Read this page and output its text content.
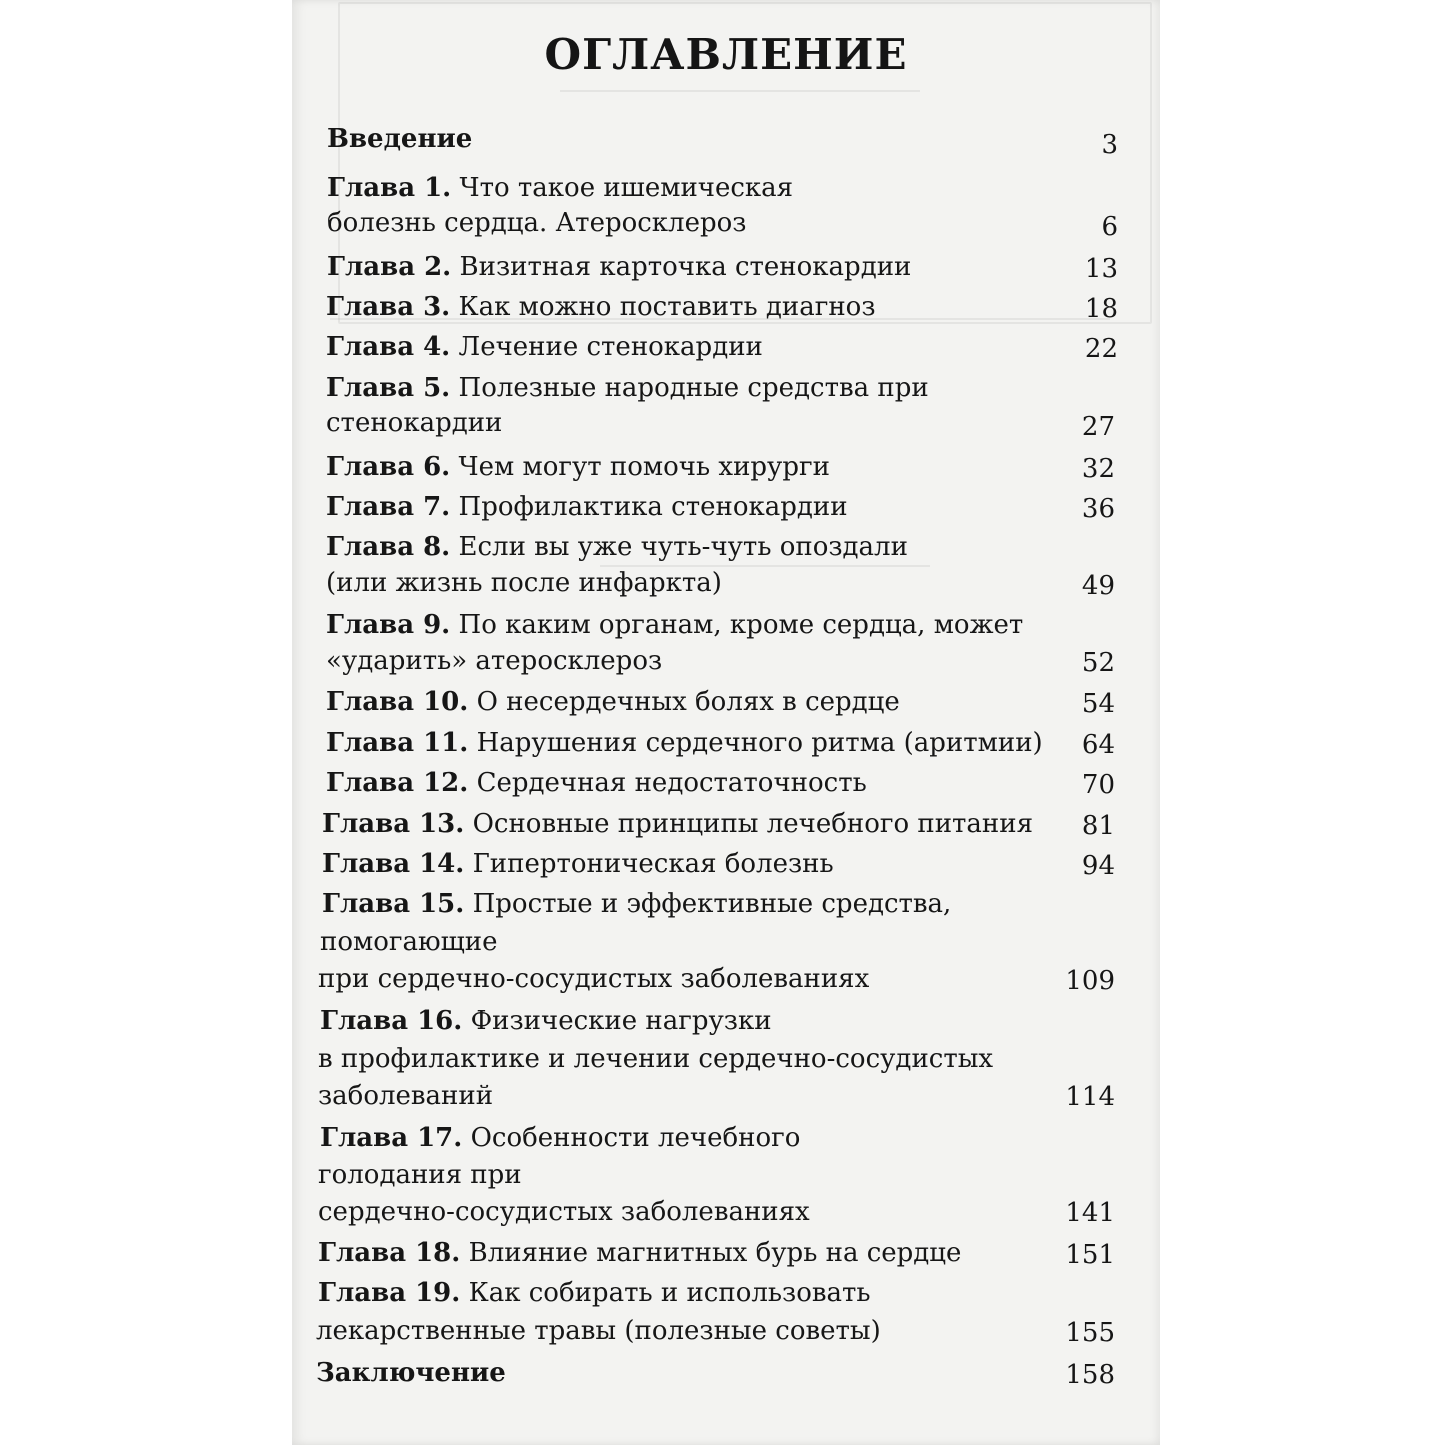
ОГЛАВЛЕНИЕ
Введение	3
Глава 1. Что такое ишемическая
болезнь сердца. Атеросклероз	6
Глава 2. Визитная карточка стенокардии	13
Глава 3. Как можно поставить диагноз	18
Глава 4. Лечение стенокардии	22
Глава 5. Полезные народные средства при
стенокардии	27
Глава 6. Чем могут помочь хирурги	32
Глава 7. Профилактика стенокардии	36
Глава 8. Если вы уже чуть-чуть опоздали
(или жизнь после инфаркта)	49
Глава 9. По каким органам, кроме сердца, может
«ударить» атеросклероз	52
Глава 10. О несердечных болях в сердце	54
Глава 11. Нарушения сердечного ритма (аритмии)	64
Глава 12. Сердечная недостаточность	70
Глава 13. Основные принципы лечебного питания	81
Глава 14. Гипертоническая болезнь	94
Глава 15. Простые и эффективные средства,
помогающие
при сердечно-сосудистых заболеваниях	109
Глава 16. Физические нагрузки
в профилактике и лечении сердечно-сосудистых
заболеваний	114
Глава 17. Особенности лечебного
голодания при
сердечно-сосудистых заболеваниях	141
Глава 18. Влияние магнитных бурь на сердце	151
Глава 19. Как собирать и использовать
лекарственные травы (полезные советы)	155
Заключение	158
